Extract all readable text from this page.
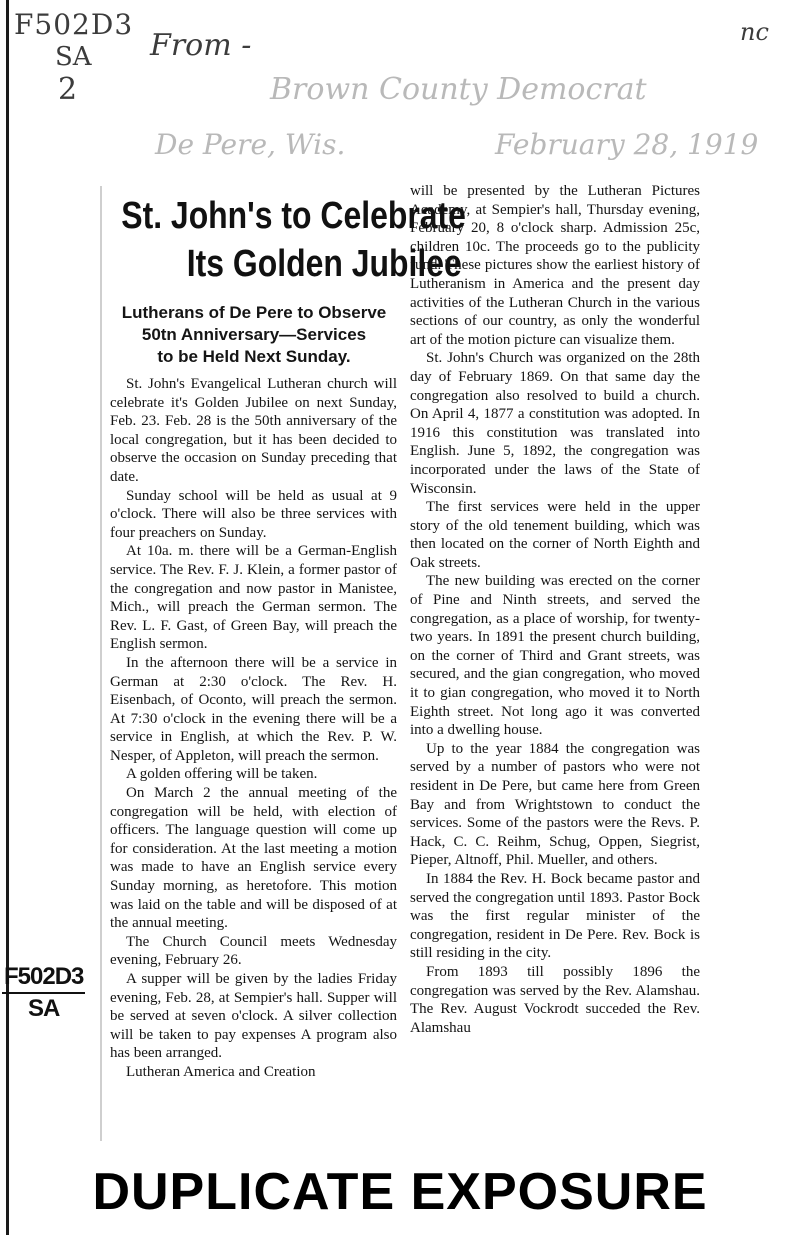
F502D3
SA
2
From -	nc
Brown County Democrat
De Pere, Wis.	February 28, 1919
St. John's to Celebrate
Its Golden Jubilee
Lutherans of De Pere to Observe
50tn Anniversary—Services
to be Held Next Sunday.

St. John's Evangelical Lutheran church will celebrate it's Golden Jubilee on next Sunday, Feb. 23. Feb. 28 is the 50th anniversary of the local congregation, but it has been decided to observe the occasion on Sunday preceding that date.

Sunday school will be held as usual at 9 o'clock. There will also be three services with four preachers on Sunday.

At 10a. m. there will be a German-English service. The Rev. F. J. Klein, a former pastor of the congregation and now pastor in Manistee, Mich., will preach the German sermon. The Rev. L. F. Gast, of Green Bay, will preach the English sermon.

In the afternoon there will be a service in German at 2:30 o'clock. The Rev. H. Eisenbach, of Oconto, will preach the sermon. At 7:30 o'clock in the evening there will be a service in English, at which the Rev. P. W. Nesper, of Appleton, will preach the sermon.

A golden offering will be taken.

On March 2 the annual meeting of the congregation will be held, with election of officers. The language question will come up for consideration. At the last meeting a motion was made to have an English service every Sunday morning, as heretofore. This motion was laid on the table and will be disposed of at the annual meeting.

The Church Council meets Wednesday evening, February 26.

A supper will be given by the ladies Friday evening, Feb. 28, at Sempier's hall. Supper will be served at seven o'clock. A silver collection will be taken to pay expenses A program also has been arranged.

Lutheran America and Creation

will be presented by the Lutheran Pictures Academy, at Sempier's hall, Thursday evening, February 20, 8 o'clock sharp. Admission 25c, children 10c. The proceeds go to the publicity fund. These pictures show the earliest history of Lutheranism in America and the present day activities of the Lutheran Church in the various sections of our country, as only the wonderful art of the motion picture can visualize them.

St. John's Church was organized on the 28th day of February 1869. On that same day the congregation also resolved to build a church. On April 4, 1877 a constitution was adopted. In 1916 this constitution was translated into English. June 5, 1892, the congregation was incorporated under the laws of the State of Wisconsin.

The first services were held in the upper story of the old tenement building, which was then located on the corner of North Eighth and Oak streets.

The new building was erected on the corner of Pine and Ninth streets, and served the congregation, as a place of worship, for twenty-two years. In 1891 the present church building, on the corner of Third and Grant streets, was secured, and the gian congregation, who moved it to gian congregation, who moved it to North Eighth street. Not long ago it was converted into a dwelling house.

Up to the year 1884 the congregation was served by a number of pastors who were not resident in De Pere, but came here from Green Bay and from Wrightstown to conduct the services. Some of the pastors were the Revs. P. Hack, C. C. Reihm, Schug, Oppen, Siegrist, Pieper, Altnoff, Phil. Mueller, and others.

In 1884 the Rev. H. Bock became pastor and served the congregation until 1893. Pastor Bock was the first regular minister of the congregation, resident in De Pere. Rev. Bock is still residing in the city.

From 1893 till possibly 1896 the congregation was served by the Rev. Alamshau. The Rev. August Vockrodt succeded the Rev. Alamshau

F502D3
SA
DUPLICATE EXPOSURE
